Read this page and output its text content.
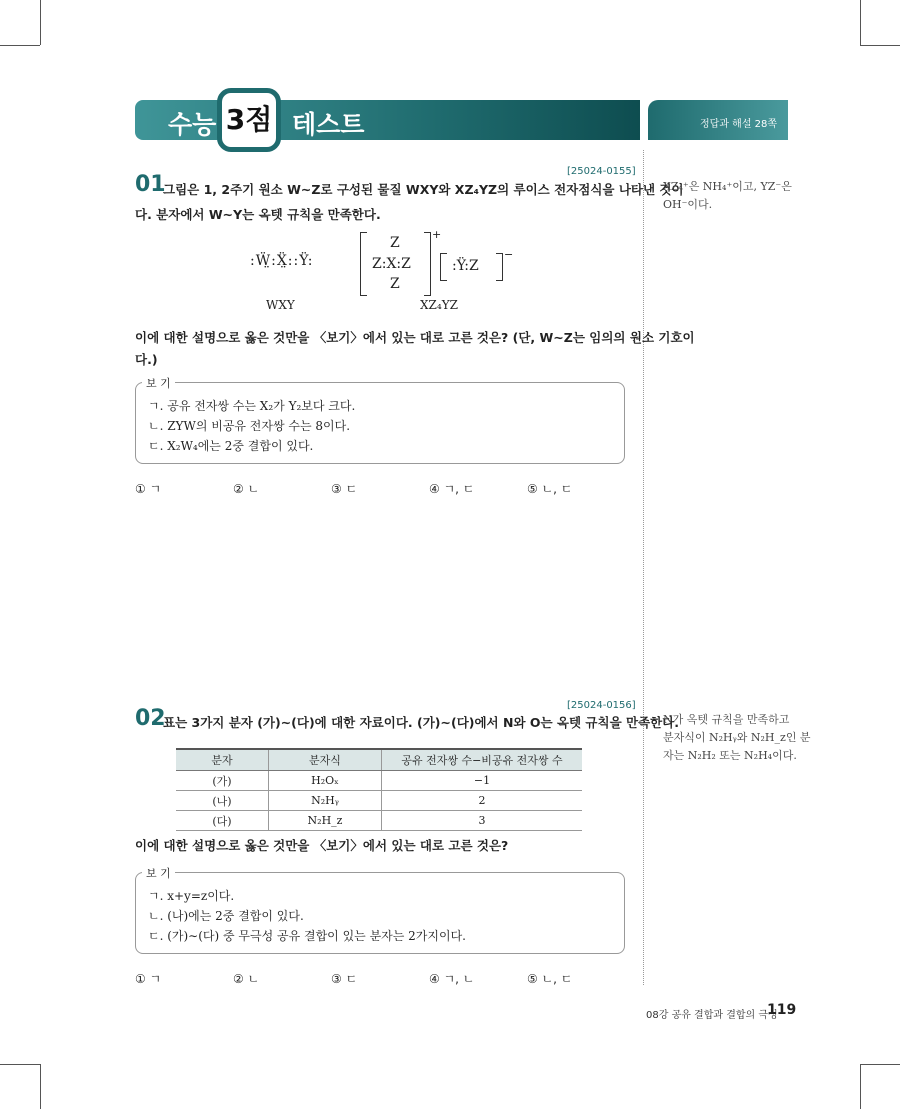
수능 3점 테스트	정답과 해설 28쪽
[25024-0155]
01
그림은 1, 2주기 원소 W∼Z로 구성된 물질 WXY와 XZ₄YZ의 루이스 전자점식을 나타낸 것이
다. 분자에서 W∼Y는 옥텟 규칙을 만족한다.
XZ₄⁺은 NH₄⁺이고, YZ⁻은
OH⁻이다.
:Ẅ̤:Ẍ̤::Ÿ:
WXY
Z
Z:X:Z
Z
+
:Ÿ:Z
−
XZ₄YZ
이에 대한 설명으로 옳은 것만을 〈보기〉에서 있는 대로 고른 것은? (단, W∼Z는 임의의 원소 기호이
다.)
보 기
ㄱ. 공유 전자쌍 수는 X₂가 Y₂보다 크다.
ㄴ. ZYW의 비공유 전자쌍 수는 8이다.
ㄷ. X₂W₄에는 2중 결합이 있다.
① ㄱ	② ㄴ	③ ㄷ	④ ㄱ, ㄷ	⑤ ㄴ, ㄷ
[25024-0156]
02
표는 3가지 분자 (가)∼(다)에 대한 자료이다. (가)∼(다)에서 N와 O는 옥텟 규칙을 만족한다.
N가 옥텟 규칙을 만족하고
분자식이 N₂Hᵧ와 N₂H_z인 분
자는 N₂H₂ 또는 N₂H₄이다.
분자	분자식	공유 전자쌍 수−비공유 전자쌍 수
(가)	H₂Oₓ	−1
(나)	N₂Hᵧ	2
(다)	N₂H_z	3
이에 대한 설명으로 옳은 것만을 〈보기〉에서 있는 대로 고른 것은?
보 기
ㄱ. x+y=z이다.
ㄴ. (나)에는 2중 결합이 있다.
ㄷ. (가)∼(다) 중 무극성 공유 결합이 있는 분자는 2가지이다.
① ㄱ	② ㄴ	③ ㄷ	④ ㄱ, ㄴ	⑤ ㄴ, ㄷ
08강 공유 결합과 결합의 극성
119
